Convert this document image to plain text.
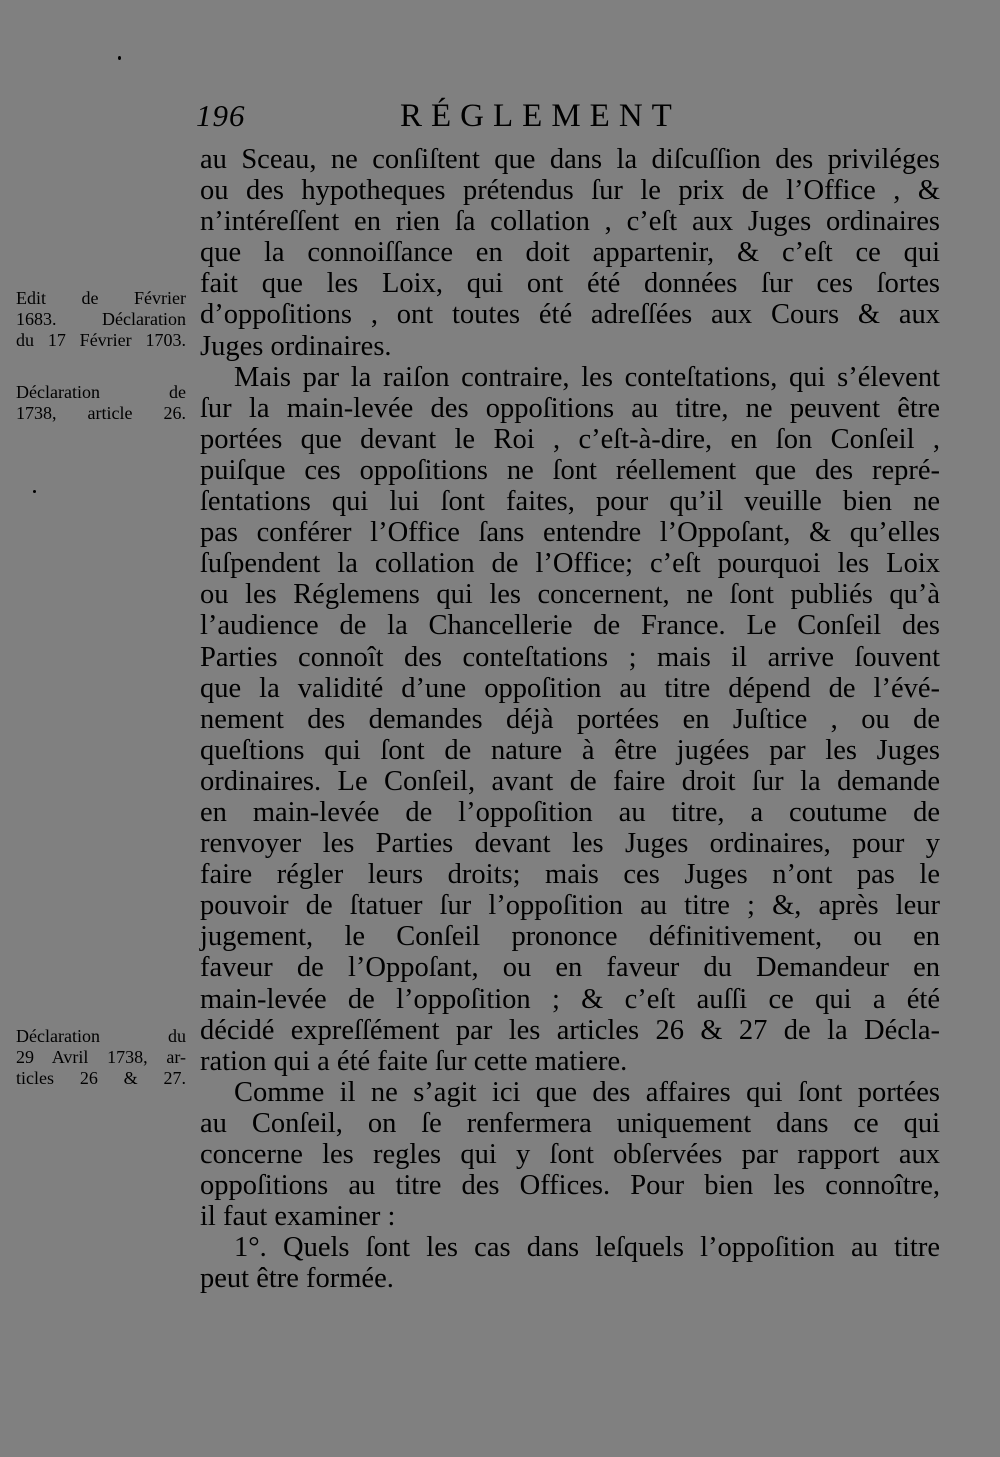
196	RÉGLEMENT
Edit de Février
1683. Déclaration
du 17 Février 1703.
Déclaration de
1738, article 26.
Déclaration du
29 Avril 1738, ar-
ticles 26 & 27.
au Sceau, ne conſiſtent que dans la diſcuſſion des priviléges
ou des hypotheques prétendus ſur le prix de l’Office , &
n’intéreſſent en rien ſa collation , c’eſt aux Juges ordinaires
que la connoiſſance en doit appartenir, & c’eſt ce qui
fait que les Loix, qui ont été données ſur ces ſortes
d’oppoſitions , ont toutes été adreſſées aux Cours & aux
Juges ordinaires.
Mais par la raiſon contraire, les conteſtations, qui s’élevent
ſur la main-levée des oppoſitions au titre, ne peuvent être
portées que devant le Roi , c’eſt-à-dire, en ſon Conſeil ,
puiſque ces oppoſitions ne ſont réellement que des repré-
ſentations qui lui ſont faites, pour qu’il veuille bien ne
pas conférer l’Office ſans entendre l’Oppoſant, & qu’elles
ſuſpendent la collation de l’Office; c’eſt pourquoi les Loix
ou les Réglemens qui les concernent, ne ſont publiés qu’à
l’audience de la Chancellerie de France. Le Conſeil des
Parties connoît des conteſtations ; mais il arrive ſouvent
que la validité d’une oppoſition au titre dépend de l’évé-
nement des demandes déjà portées en Juſtice , ou de
queſtions qui ſont de nature à être jugées par les Juges
ordinaires. Le Conſeil, avant de faire droit ſur la demande
en main-levée de l’oppoſition au titre, a coutume de
renvoyer les Parties devant les Juges ordinaires, pour y
faire régler leurs droits; mais ces Juges n’ont pas le
pouvoir de ſtatuer ſur l’oppoſition au titre ; &, après leur
jugement, le Conſeil prononce définitivement, ou en
faveur de l’Oppoſant, ou en faveur du Demandeur en
main-levée de l’oppoſition ; & c’eſt auſſi ce qui a été
décidé expreſſément par les articles 26 & 27 de la Décla-
ration qui a été faite ſur cette matiere.
Comme il ne s’agit ici que des affaires qui ſont portées
au Conſeil, on ſe renfermera uniquement dans ce qui
concerne les regles qui y ſont obſervées par rapport aux
oppoſitions au titre des Offices. Pour bien les connoître,
il faut examiner :
1°. Quels ſont les cas dans leſquels l’oppoſition au titre
peut être formée.
